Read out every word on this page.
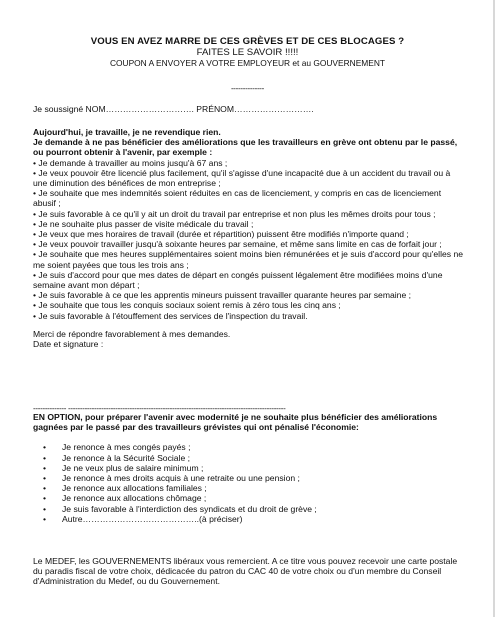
VOUS EN AVEZ MARRE DE CES GRÈVES ET DE CES BLOCAGES ?
FAITES LE SAVOIR !!!!!
COUPON A ENVOYER A VOTRE EMPLOYEUR et au GOUVERNEMENT
--------------
Je soussigné NOM…………………………. PRÉNOM……………………….
Aujourd'hui, je travaille, je ne revendique rien.
Je demande à ne pas bénéficier des améliorations que les travailleurs en grève ont obtenu par le passé, ou pourront obtenir à l'avenir, par exemple :
• Je demande à travailler au moins jusqu'à 67 ans ;
• Je veux pouvoir être licencié plus facilement, qu'il s'agisse d'une incapacité due à un accident du travail ou à une diminution des bénéfices de mon entreprise ;
• Je souhaite que mes indemnités soient réduites en cas de licenciement, y compris en cas de licenciement abusif ;
• Je suis favorable à ce qu'il y ait un droit du travail par entreprise et non plus les mêmes droits pour tous ;
• Je ne souhaite plus passer de visite médicale du travail ;
• Je veux que mes horaires de travail (durée et répartition) puissent être modifiés n'importe quand ;
• Je veux pouvoir travailler jusqu'à soixante heures par semaine, et même sans limite en cas de forfait jour ;
• Je souhaite que mes heures supplémentaires soient moins bien rémunérées et je suis d'accord pour qu'elles ne me soient payées que tous les trois ans ;
• Je suis d'accord pour que mes dates de départ en congés puissent légalement être modifiées moins d'une semaine avant mon départ ;
• Je suis favorable à ce que les apprentis mineurs puissent travailler quarante heures par semaine ;
• Je souhaite que tous les conquis sociaux soient remis à zéro tous les cinq ans ;
• Je suis favorable à l'étouffement des services de l'inspection du travail.
Merci de répondre favorablement à mes demandes.
Date et signature :
-------------- --------------------------------------------------------------------------------------------
EN OPTION, pour préparer l'avenir avec modernité je ne souhaite plus bénéficier des améliorations gagnées par le passé par des travailleurs grévistes qui ont pénalisé l'économie:
• Je renonce à mes congés payés ;
• Je renonce à la Sécurité Sociale ;
• Je ne veux plus de salaire minimum ;
• Je renonce à mes droits acquis à une retraite ou une pension ;
• Je renonce aux allocations familiales ;
• Je renonce aux allocations chômage ;
• Je suis favorable à l'interdiction des syndicats et du droit de grève ;
• Autre…………………………………..(à préciser)
Le MEDEF, les GOUVERNEMENTS libéraux vous remercient. A ce titre vous pouvez recevoir une carte postale du paradis fiscal de votre choix, dédicacée du patron du CAC 40 de votre choix ou d'un membre du Conseil d'Administration du Medef, ou du Gouvernement.
